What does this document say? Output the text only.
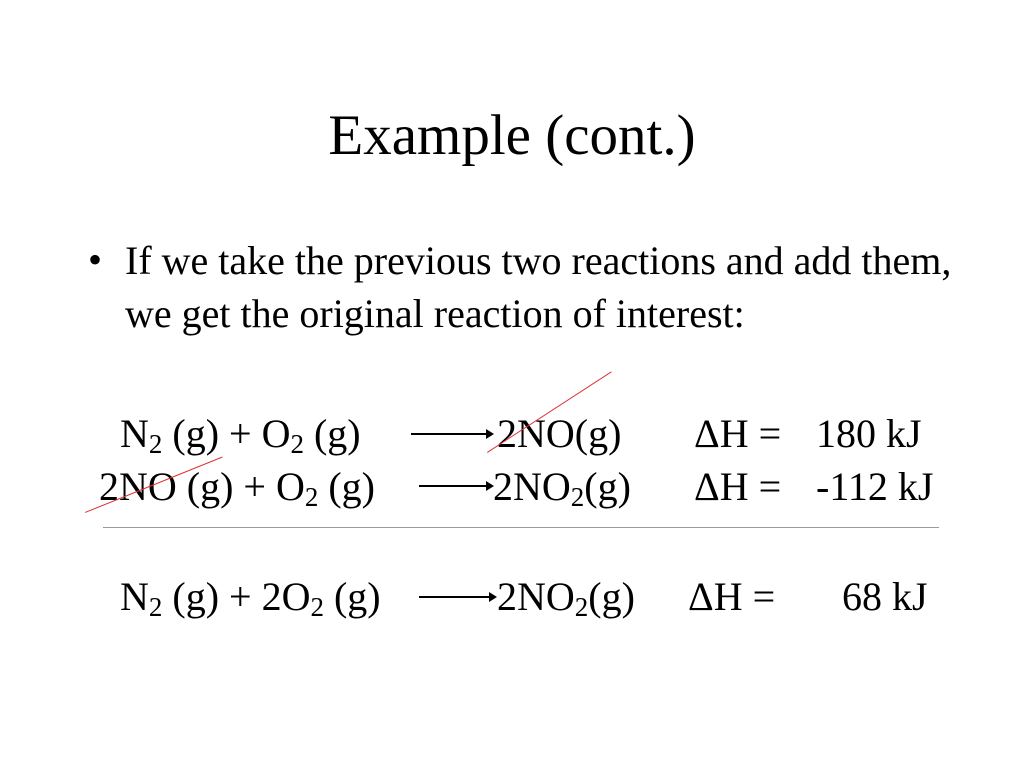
Example (cont.)
• If we take the previous two reactions and add them, we get the original reaction of interest:
$N_2$ $(g) + O_2$ (g)	2NO(g) ΔH = 180 kJ
2NO $(g) + O_2$ (g)	$2NO_2(g) \Delta H = -112$ kJ
$N_2$ $(g) + 2O_2$ (g)	$2NO_2(g) \Delta H = 68$ kJ
